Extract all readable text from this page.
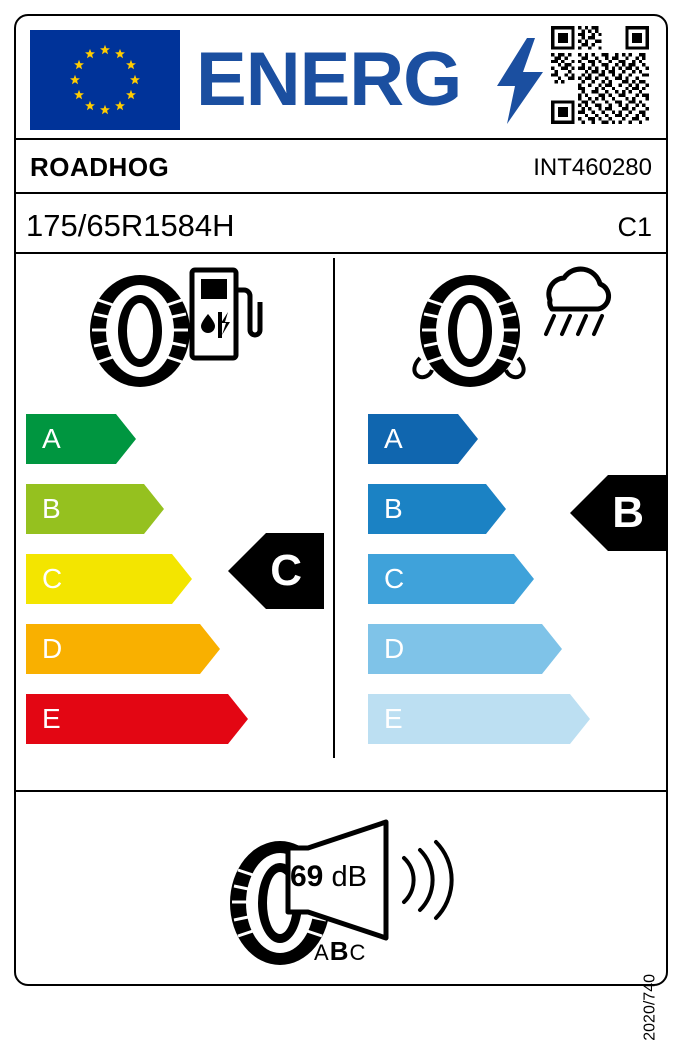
ENERG
ROADHOG	INT460280
175/65R1584H	C1
A
B
C
D
E
A
B
C
D
E
C
B
69 dB
ABC
2020/740
